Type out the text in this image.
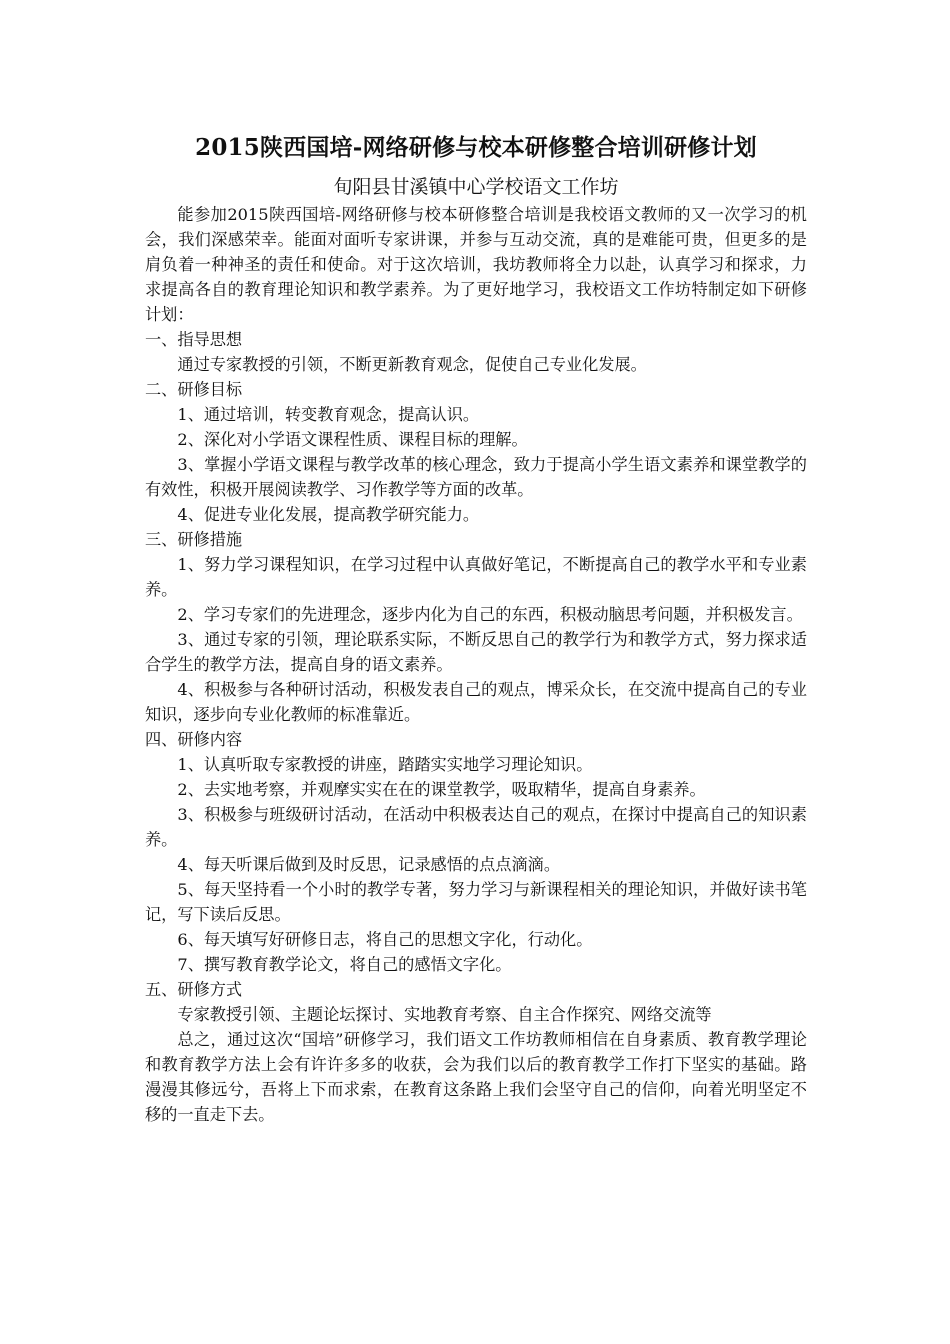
2015陕西国培-网络研修与校本研修整合培训研修计划
旬阳县甘溪镇中心学校语文工作坊

能参加2015陕西国培-网络研修与校本研修整合培训是我校语文教师的又一次学习的机会，我们深感荣幸。能面对面听专家讲课，并参与互动交流，真的是难能可贵，但更多的是肩负着一种神圣的责任和使命。对于这次培训，我坊教师将全力以赴，认真学习和探求，力求提高各自的教育理论知识和教学素养。为了更好地学习，我校语文工作坊特制定如下研修计划：

一、指导思想

通过专家教授的引领，不断更新教育观念，促使自己专业化发展。

二、研修目标

1、通过培训，转变教育观念，提高认识。

2、深化对小学语文课程性质、课程目标的理解。

3、掌握小学语文课程与教学改革的核心理念，致力于提高小学生语文素养和课堂教学的有效性，积极开展阅读教学、习作教学等方面的改革。

4、促进专业化发展，提高教学研究能力。

三、研修措施

1、努力学习课程知识，在学习过程中认真做好笔记，不断提高自己的教学水平和专业素养。

2、学习专家们的先进理念，逐步内化为自己的东西，积极动脑思考问题，并积极发言。

3、通过专家的引领，理论联系实际，不断反思自己的教学行为和教学方式，努力探求适合学生的教学方法，提高自身的语文素养。

4、积极参与各种研讨活动，积极发表自己的观点，博采众长，在交流中提高自己的专业知识，逐步向专业化教师的标准靠近。

四、研修内容

1、认真听取专家教授的讲座，踏踏实实地学习理论知识。

2、去实地考察，并观摩实实在在的课堂教学，吸取精华，提高自身素养。

3、积极参与班级研讨活动，在活动中积极表达自己的观点，在探讨中提高自己的知识素养。

4、每天听课后做到及时反思，记录感悟的点点滴滴。

5、每天坚持看一个小时的教学专著，努力学习与新课程相关的理论知识，并做好读书笔记，写下读后反思。

6、每天填写好研修日志，将自己的思想文字化，行动化。

7、撰写教育教学论文，将自己的感悟文字化。

五、研修方式

专家教授引领、主题论坛探讨、实地教育考察、自主合作探究、网络交流等

总之，通过这次“国培”研修学习，我们语文工作坊教师相信在自身素质、教育教学理论和教育教学方法上会有许许多多的收获，会为我们以后的教育教学工作打下坚实的基础。路漫漫其修远兮，吾将上下而求索，在教育这条路上我们会坚守自己的信仰，向着光明坚定不移的一直走下去。
